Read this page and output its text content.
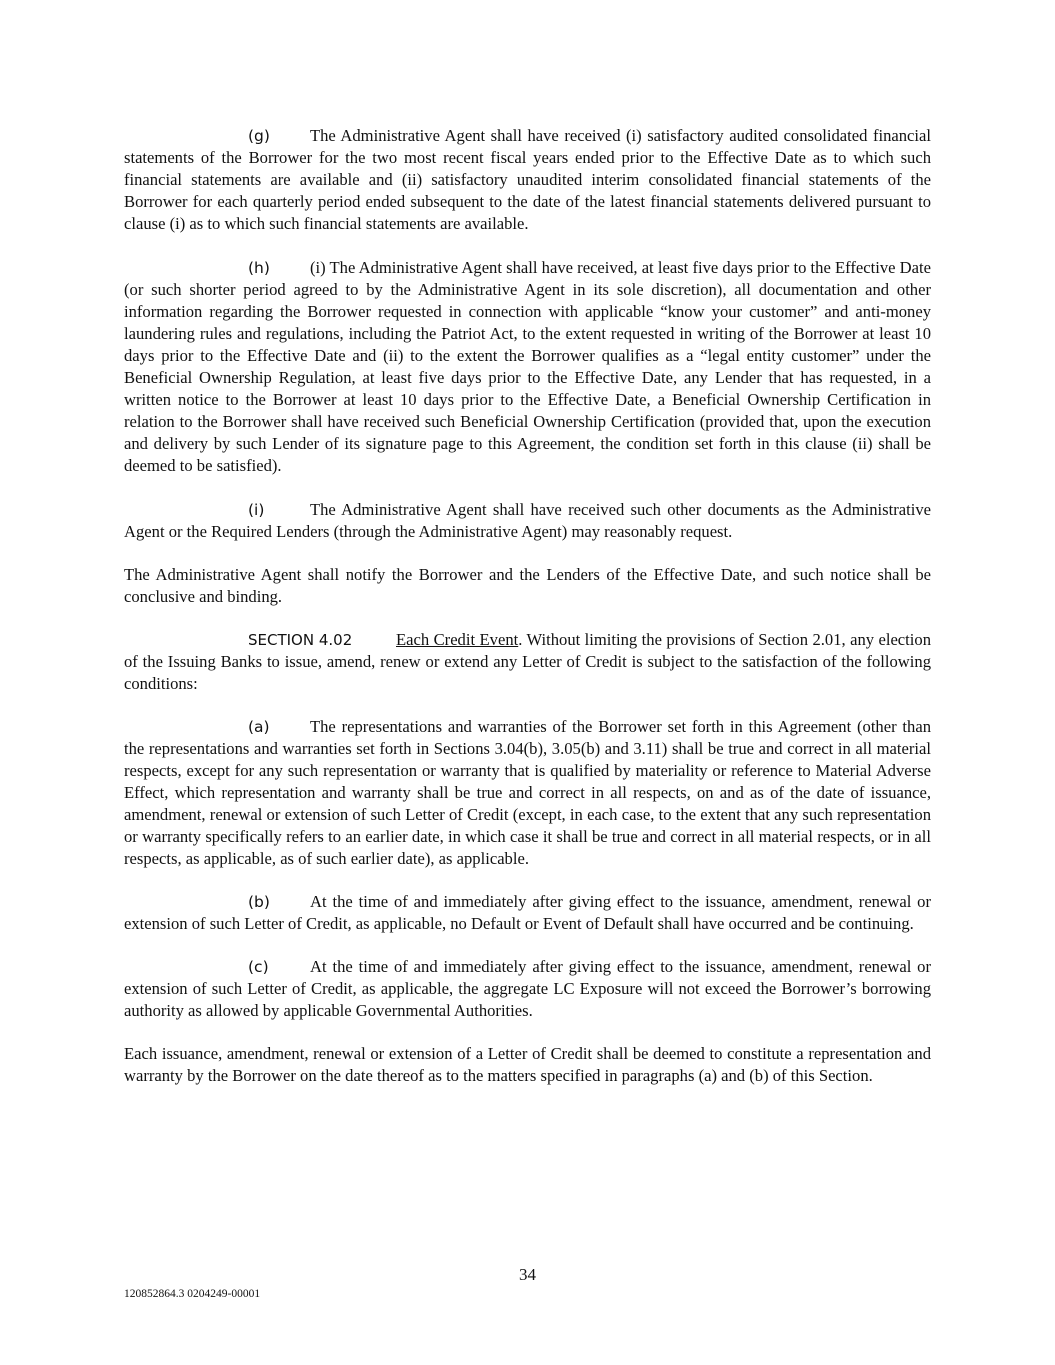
(g) The Administrative Agent shall have received (i) satisfactory audited consolidated financial statements of the Borrower for the two most recent fiscal years ended prior to the Effective Date as to which such financial statements are available and (ii) satisfactory unaudited interim consolidated financial statements of the Borrower for each quarterly period ended subsequent to the date of the latest financial statements delivered pursuant to clause (i) as to which such financial statements are available.

(h) (i) The Administrative Agent shall have received, at least five days prior to the Effective Date (or such shorter period agreed to by the Administrative Agent in its sole discretion), all documentation and other information regarding the Borrower requested in connection with applicable “know your customer” and anti-money laundering rules and regulations, including the Patriot Act, to the extent requested in writing of the Borrower at least 10 days prior to the Effective Date and (ii) to the extent the Borrower qualifies as a “legal entity customer” under the Beneficial Ownership Regulation, at least five days prior to the Effective Date, any Lender that has requested, in a written notice to the Borrower at least 10 days prior to the Effective Date, a Beneficial Ownership Certification in relation to the Borrower shall have received such Beneficial Ownership Certification (provided that, upon the execution and delivery by such Lender of its signature page to this Agreement, the condition set forth in this clause (ii) shall be deemed to be satisfied).

(i)	The Administrative Agent shall have received such other documents as the Administrative Agent or the Required Lenders (through the Administrative Agent) may reasonably request.

The Administrative Agent shall notify the Borrower and the Lenders of the Effective Date, and such notice shall be conclusive and binding.

SECTION 4.02	Each Credit Event. Without limiting the provisions of Section 2.01, any election of the Issuing Banks to issue, amend, renew or extend any Letter of Credit is subject to the satisfaction of the following conditions:

(a) The representations and warranties of the Borrower set forth in this Agreement (other than the representations and warranties set forth in Sections 3.04(b), 3.05(b) and 3.11) shall be true and correct in all material respects, except for any such representation or warranty that is qualified by materiality or reference to Material Adverse Effect, which representation and warranty shall be true and correct in all respects, on and as of the date of issuance, amendment, renewal or extension of such Letter of Credit (except, in each case, to the extent that any such representation or warranty specifically refers to an earlier date, in which case it shall be true and correct in all material respects, or in all respects, as applicable, as of such earlier date), as applicable.

(b) At the time of and immediately after giving effect to the issuance, amendment, renewal or extension of such Letter of Credit, as applicable, no Default or Event of Default shall have occurred and be continuing.

(c) At the time of and immediately after giving effect to the issuance, amendment, renewal or extension of such Letter of Credit, as applicable, the aggregate LC Exposure will not exceed the Borrower’s borrowing authority as allowed by applicable Governmental Authorities.

Each issuance, amendment, renewal or extension of a Letter of Credit shall be deemed to constitute a representation and warranty by the Borrower on the date thereof as to the matters specified in paragraphs (a) and (b) of this Section.

34
120852864.3 0204249-00001
